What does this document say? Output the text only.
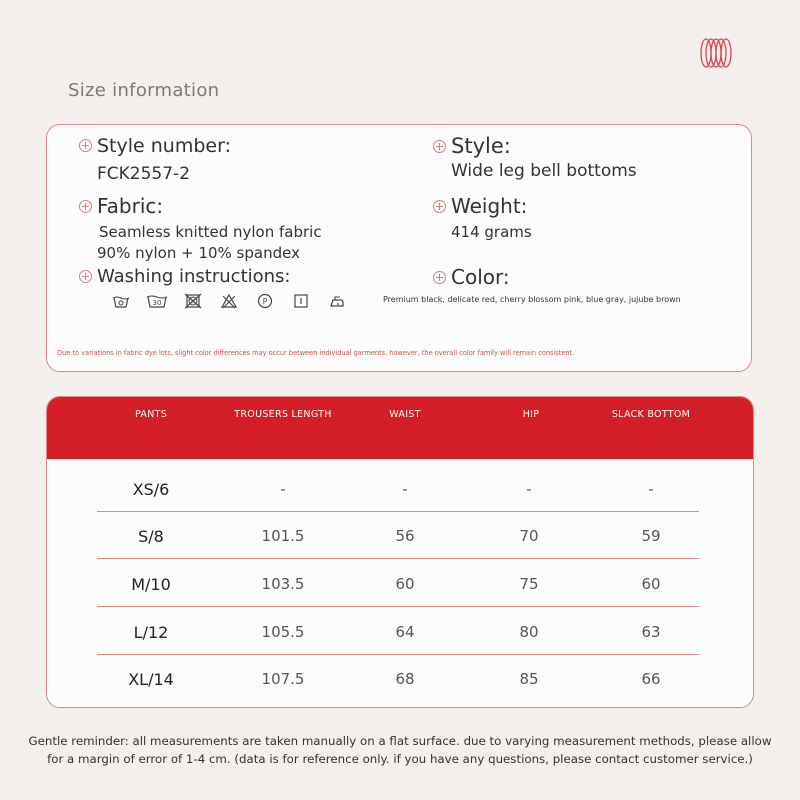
Size information
Style number:
FCK2557-2
Style:
Wide leg bell bottoms
Fabric:
Seamless knitted nylon fabric
90% nylon + 10% spandex
Weight:
414 grams
Washing instructions:
30	P
Color:
Premium black, delicate red, cherry blossom pink, blue gray, jujube brown
Due to variations in fabric dye lots, slight color differences may occur between individual garments. however, the overall color family will remain consistent.
PANTS	TROUSERS LENGTH	WAIST	HIP	SLACK BOTTOM
XS/6	-	-	-	-
S/8	101.5	56	70	59
M/10	103.5	60	75	60
L/12	105.5	64	80	63
XL/14	107.5	68	85	66
Gentle reminder: all measurements are taken manually on a flat surface. due to varying measurement methods, please allow
for a margin of error of 1-4 cm. (data is for reference only. if you have any questions, please contact customer service.)
